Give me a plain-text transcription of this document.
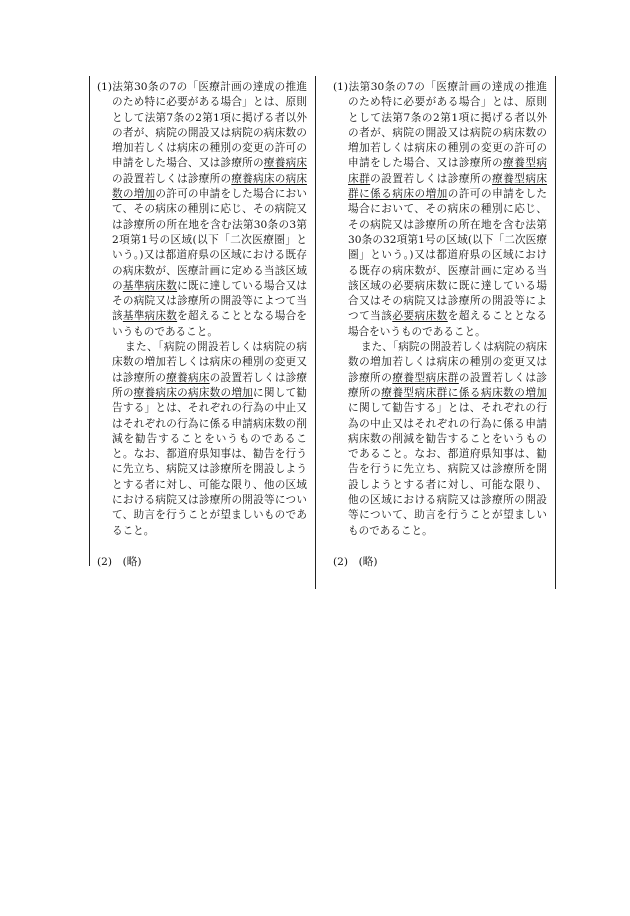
(1)法第30条の7の「医療計画の達成の推進のため特に必要がある場合」とは、原則として法第7条の2第1項に掲げる者以外の者が、病院の開設又は病院の病床数の増加若しくは病床の種別の変更の許可の申請をした場合、又は診療所の療養病床の設置若しくは診療所の療養病床の病床数の増加の許可の申請をした場合において、その病床の種別に応じ、その病院又は診療所の所在地を含む法第30条の3第2項第1号の区域(以下「二次医療圏」という。)又は都道府県の区域における既存の病床数が、医療計画に定める当該区域の基準病床数に既に達している場合又はその病院又は診療所の開設等によつて当該基準病床数を超えることとなる場合をいうものであること。

また、「病院の開設若しくは病院の病床数の増加若しくは病床の種別の変更又は診療所の療養病床の設置若しくは診療所の療養病床の病床数の増加に関して勧告する」とは、それぞれの行為の中止又はそれぞれの行為に係る申請病床数の削減を勧告することをいうものであること。なお、都道府県知事は、勧告を行うに先立ち、病院又は診療所を開設しようとする者に対し、可能な限り、他の区域における病院又は診療所の開設等について、助言を行うことが望ましいものであること。

(2)　(略)

(1)法第30条の7の「医療計画の達成の推進のため特に必要がある場合」とは、原則として法第7条の2第1項に掲げる者以外の者が、病院の開設又は病院の病床数の増加若しくは病床の種別の変更の許可の申請をした場合、又は診療所の療養型病床群の設置若しくは診療所の療養型病床群に係る病床の増加の許可の申請をした場合において、その病床の種別に応じ、その病院又は診療所の所在地を含む法第30条の32項第1号の区域(以下「二次医療圏」という。)又は都道府県の区域における既存の病床数が、医療計画に定める当該区域の必要病床数に既に達している場合又はその病院又は診療所の開設等によつて当該必要病床数を超えることとなる場合をいうものであること。

また、「病院の開設若しくは病院の病床数の増加若しくは病床の種別の変更又は診療所の療養型病床群の設置若しくは診療所の療養型病床群に係る病床数の増加に関して勧告する」とは、それぞれの行為の中止又はそれぞれの行為に係る申請病床数の削減を勧告することをいうものであること。なお、都道府県知事は、勧告を行うに先立ち、病院又は診療所を開設しようとする者に対し、可能な限り、他の区域における病院又は診療所の開設等について、助言を行うことが望ましいものであること。

(2)　(略)
